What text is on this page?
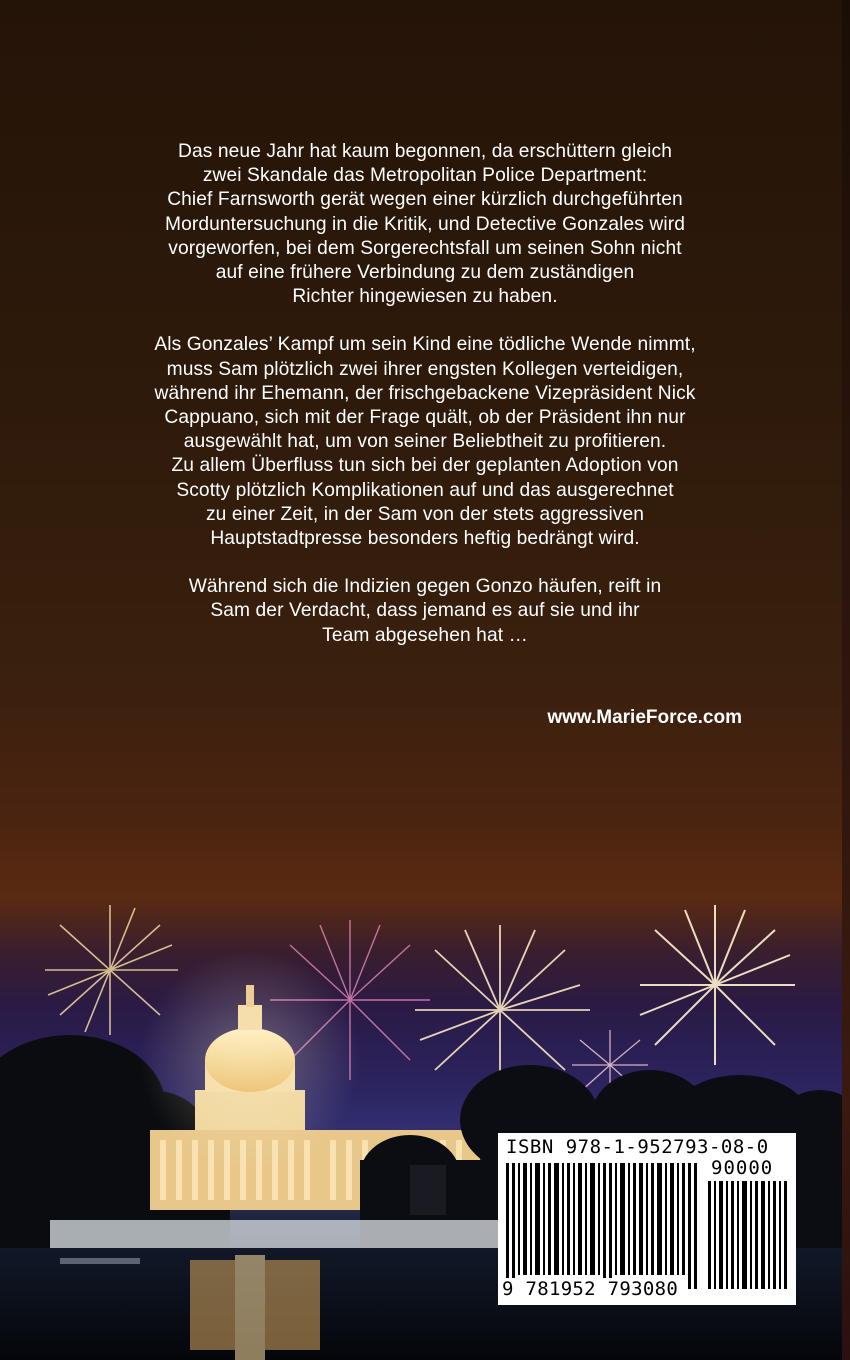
Das neue Jahr hat kaum begonnen, da erschüttern gleich
zwei Skandale das Metropolitan Police Department:
Chief Farnsworth gerät wegen einer kürzlich durchgeführten
Morduntersuchung in die Kritik, und Detective Gonzales wird
vorgeworfen, bei dem Sorgerechtsfall um seinen Sohn nicht
auf eine frühere Verbindung zu dem zuständigen
Richter hingewiesen zu haben.

Als Gonzales’ Kampf um sein Kind eine tödliche Wende nimmt,
muss Sam plötzlich zwei ihrer engsten Kollegen verteidigen,
während ihr Ehemann, der frischgebackene Vizepräsident Nick
Cappuano, sich mit der Frage quält, ob der Präsident ihn nur
ausgewählt hat, um von seiner Beliebtheit zu profitieren.
Zu allem Überfluss tun sich bei der geplanten Adoption von
Scotty plötzlich Komplikationen auf und das ausgerechnet
zu einer Zeit, in der Sam von der stets aggressiven
Hauptstadtpresse besonders heftig bedrängt wird.

Während sich die Indizien gegen Gonzo häufen, reift in
Sam der Verdacht, dass jemand es auf sie und ihr
Team abgesehen hat …

www.MarieForce.com
ISBN 978-1-952793-08-0
90000
9 781952 793080
